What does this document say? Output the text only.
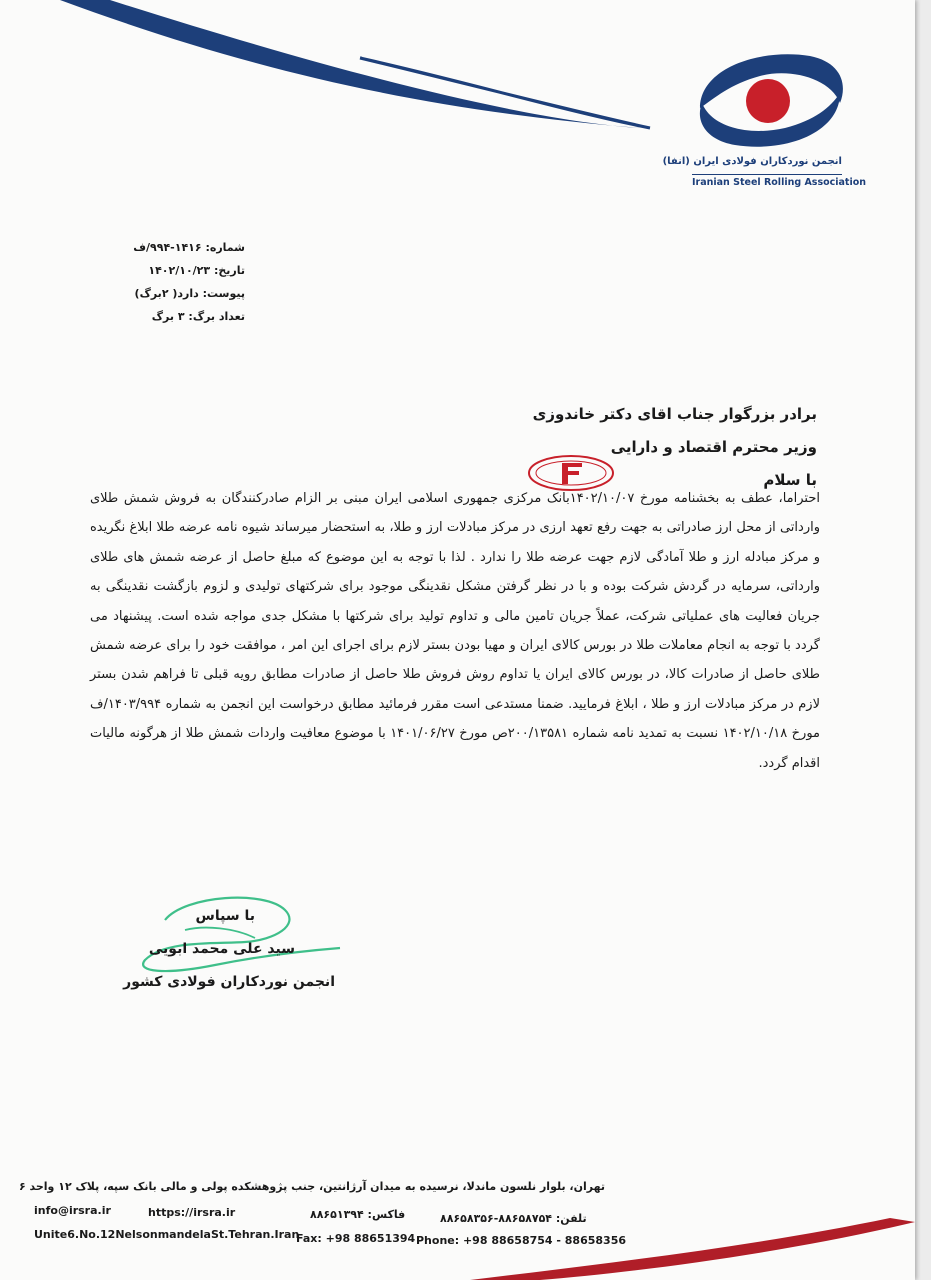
انجمن نوردکاران فولادی ایران (انفا)
Iranian Steel Rolling Association
شماره: ۱۴۱۶-۹۹۴/ف
تاریخ: ۱۴۰۲/۱۰/۲۳
پیوست: دارد( ۲برگ)
تعداد برگ: ۳ برگ
برادر بزرگوار جناب اقای دکتر خاندوزی
وزیر محترم اقتصاد و دارایی
با سلام

احتراما، عطف به بخشنامه مورخ ۱۴۰۲/۱۰/۰۷بانک مرکزی جمهوری اسلامی ایران مبنی بر الزام صادرکنندگان به فروش شمش طلای وارداتی از محل ارز صادراتی به جهت رفع تعهد ارزی در مرکز مبادلات ارز و طلا، به استحضار میرساند شیوه نامه عرضه طلا ابلاغ نگریده و مرکز مبادله ارز و طلا آمادگی لازم جهت عرضه طلا را ندارد . لذا با توجه به این موضوع که مبلغ حاصل از عرضه شمش های طلای وارداتی، سرمایه در گردش شرکت بوده و با در نظر گرفتن مشکل نقدینگی موجود برای شرکتهای تولیدی و لزوم بازگشت نقدینگی به جریان فعالیت های عملیاتی شرکت، عملاً جریان تامین مالی و تداوم تولید برای شرکتها با مشکل جدی مواجه شده است. پیشنهاد می گردد با توجه به انجام معاملات طلا در بورس کالای ایران و مهیا بودن بستر لازم برای اجرای این امر ، موافقت خود را برای عرضه شمش طلای حاصل از صادرات کالا، در بورس کالای ایران یا تداوم روش فروش طلا حاصل از صادرات مطابق رویه قبلی تا فراهم شدن بستر لازم در مرکز مبادلات ارز و طلا ، ابلاغ فرمایید. ضمنا مستدعی است مقرر فرمائید مطابق درخواست این انجمن به شماره ۱۴۰۳/۹۹۴/ف مورخ ۱۴۰۲/۱۰/۱۸ نسبت به تمدید نامه شماره ۲۰۰/۱۳۵۸۱ص مورخ ۱۴۰۱/۰۶/۲۷ با موضوع معافیت واردات شمش طلا از هرگونه مالیات اقدام گردد.

با سپاس
سید علی محمد ابویی
انجمن نوردکاران فولادی کشور
تهران، بلوار نلسون ماندلا، نرسیده به میدان آرژانتین، جنب پژوهشکده پولی و مالی بانک سپه، پلاک ۱۲ واحد ۶
info@irsra.ir	https://irsra.ir	فاکس: ۸۸۶۵۱۳۹۴	تلفن: ۸۸۶۵۸۷۵۴-۸۸۶۵۸۳۵۶
Unite6.No.12NelsonmandelaSt.Tehran.Iran
Fax: +98 88651394 Phone: +98 88658754 - 88658356
